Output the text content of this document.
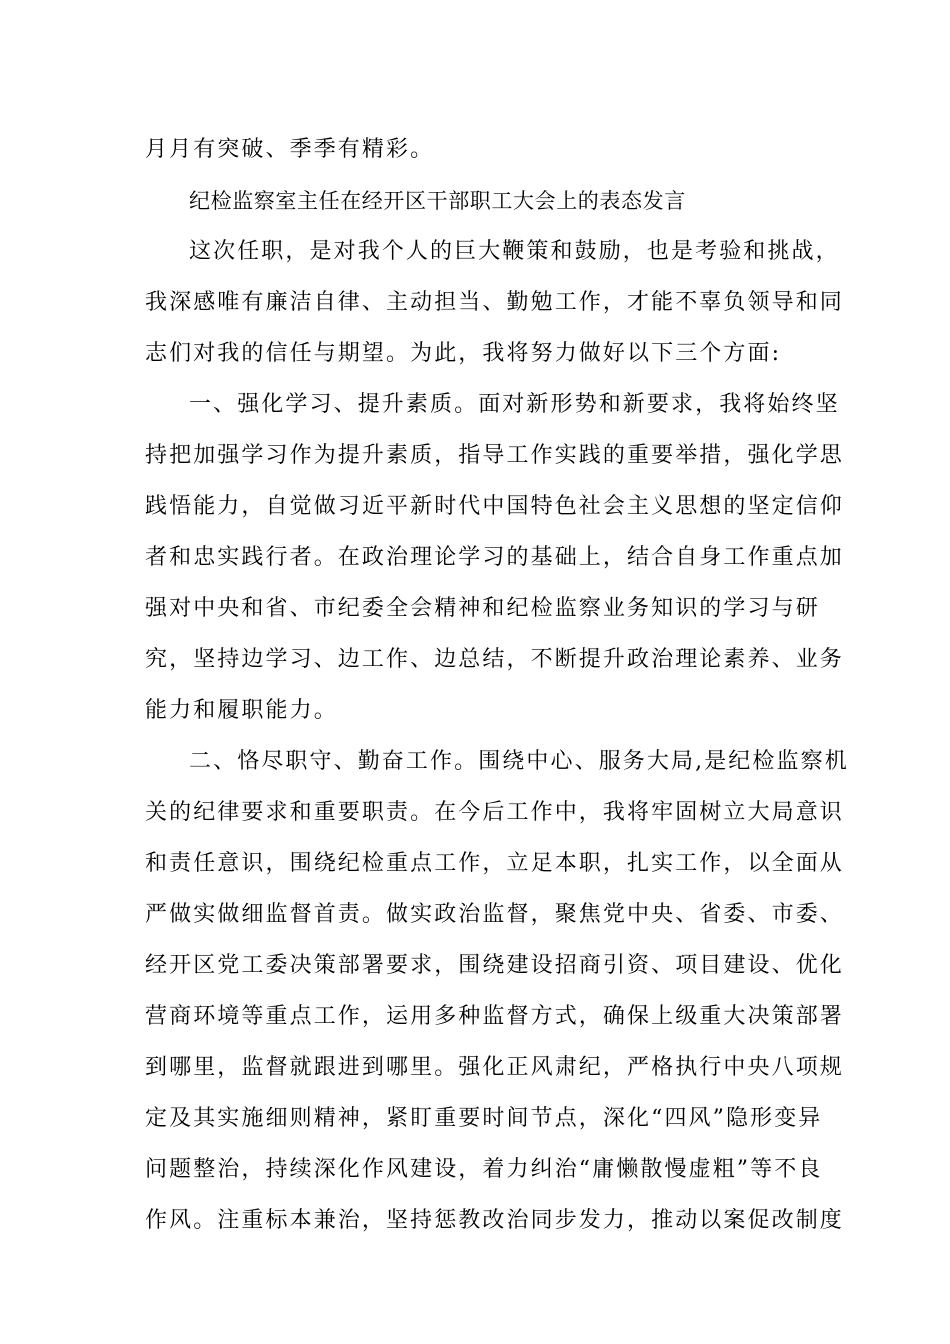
月月有突破、季季有精彩。
纪检监察室主任在经开区干部职工大会上的表态发言
这次任职，是对我个人的巨大鞭策和鼓励，也是考验和挑战，
我深感唯有廉洁自律、主动担当、勤勉工作，才能不辜负领导和同
志们对我的信任与期望。为此，我将努力做好以下三个方面:
一、强化学习、提升素质。面对新形势和新要求，我将始终坚
持把加强学习作为提升素质，指导工作实践的重要举措，强化学思
践悟能力，自觉做习近平新时代中国特色社会主义思想的坚定信仰
者和忠实践行者。在政治理论学习的基础上，结合自身工作重点加
强对中央和省、市纪委全会精神和纪检监察业务知识的学习与研
究，坚持边学习、边工作、边总结，不断提升政治理论素养、业务
能力和履职能力。
二、恪尽职守、勤奋工作。围绕中心、服务大局,是纪检监察机
关的纪律要求和重要职责。在今后工作中，我将牢固树立大局意识
和责任意识，围绕纪检重点工作，立足本职，扎实工作，以全面从
严做实做细监督首责。做实政治监督，聚焦党中央、省委、市委、
经开区党工委决策部署要求，围绕建设招商引资、项目建设、优化
营商环境等重点工作，运用多种监督方式，确保上级重大决策部署
到哪里，监督就跟进到哪里。强化正风肃纪，严格执行中央八项规
定及其实施细则精神，紧盯重要时间节点，深化“四风”隐形变异
问题整治，持续深化作风建设，着力纠治“庸懒散慢虚粗”等不良
作风。注重标本兼治，坚持惩教改治同步发力，推动以案促改制度
